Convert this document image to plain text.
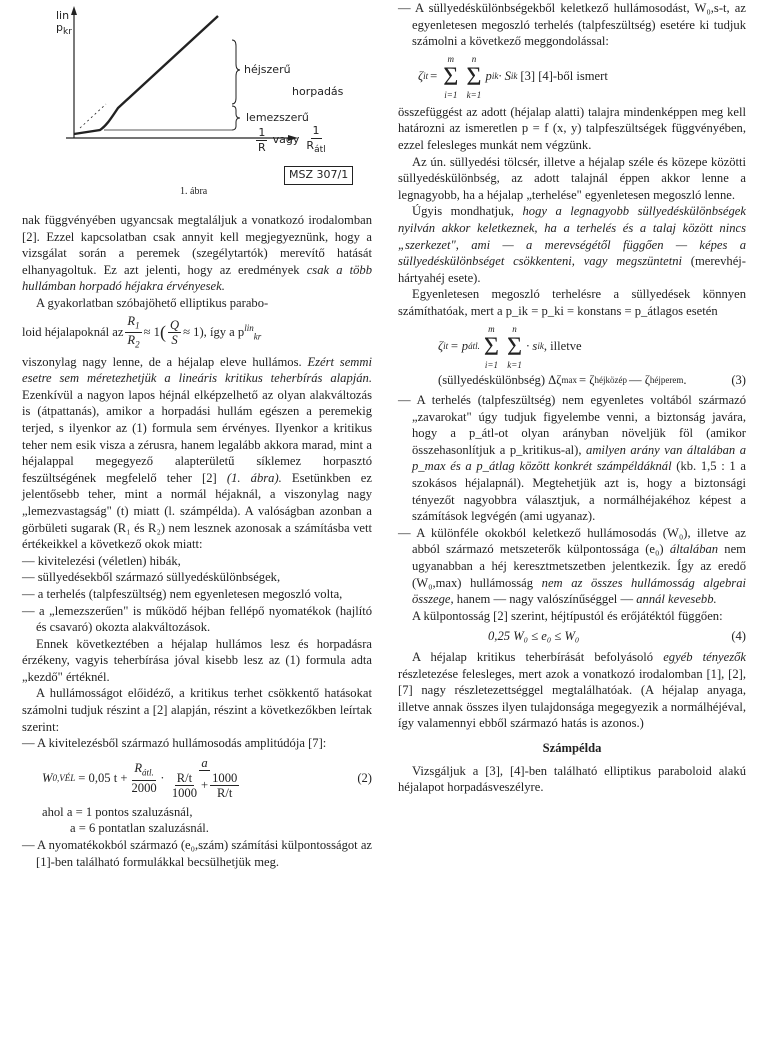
lin
$p_{kr}$
héjszerű
horpadás
lemezszerű
$\frac{1}{R}$ vagy $\frac{1}{R_{átl}}$
MSZ 307/1
1. ábra

nak függvényében ugyancsak megtaláljuk a vonatkozó irodalomban [2]. Ezzel kapcsolatban csak annyit kell megjegyeznünk, hogy a vizsgálat során a peremek (szegélytartók) merevítő hatását elhanyagoltuk. Ez azt jelenti, hogy az eredmények csak a több hullámban horpadó héjakra érvényesek.

A gyakorlatban szóbajöhető elliptikus parabo-

loid héjalapoknál az $\frac{R_1}{R_2} \approx 1$ ( $\frac{Q}{S} \approx 1$), így a p $^{lin}_{kr}$

viszonylag nagy lenne, de a héjalap eleve hullámos. Ezért semmi esetre sem méretezhetjük a lineáris kritikus teherbírás alapján. Ezenkívül a nagyon lapos héjnál elképzelhető az olyan alakváltozás is (átpattanás), amikor a horpadási hullám egészen a peremekig terjed, s ilyenkor az (1) formula sem érvényes. Ilyenkor a kritikus teher nem esik visza a zérusra, hanem legalább akkora marad, mint a héjalappal megegyező alapterületű síklemez horpasztó feszültségének megfelelő teher [2] (1. ábra). Esetünkben ez jelentősebb teher, mint a normál héjaknál, a viszonylag nagy „lemezvastagság" (t) miatt (l. számpélda). A valóságban azonban a görbületi sugarak (R₁ és R₂) nem lesznek azonosak a számításba vett értékeikkel a következő okok miatt:

— kivitelezési (véletlen) hibák,

— süllyedésekből származó süllyedéskülönbségek,

— a terhelés (talpfeszültség) nem egyenletesen megoszló volta,

— a „lemezszerűen" is működő héjban fellépő nyomatékok (hajlító és csavaró) okozta alakváltozások.

Ennek következtében a héjalap hullámos lesz és horpadásra érzékeny, vagyis teherbírása jóval kisebb lesz az (1) formula adta „kezdő" értéknél.

A hullámosságot előidéző, a kritikus terhet csökkentő hatásokat számolni tudjuk részint a [2] alapján, részint a következőkben leírtak szerint:

— A kivitelezésből származó hullámosodás amplitúdója [7]:

W 0,VÉL = 0,05 $t + \frac{R_{átl.}}{2000} \cdot \frac{a}{\frac{R/t}{1000} + \frac{1000}{R/t}}$	(2)

ahol a = 1 pontos szaluzásnál,

a = 6 pontatlan szaluzásnál.

— A nyomatékokból származó (e₀,szám) számítási külpontosságot az [1]-ben található formulákkal becsülhetjük meg.

— A süllyedéskülönbségekből keletkező hullámosodást, W₀,s-t, az egyenletesen megoszló terhelés (talpfeszültség) esetére ki tudjuk számolni a következő meggondolással:

ζ it =
m
Σ
i=1
n
Σ
k=1
p ik · S ik [3] [4]-ből ismert

összefüggést az adott (héjalap alatti) talajra mindenképpen meg kell határozni az ismeretlen p = f (x, y) talpfeszültségek függvényében, ezzel felesleges munkát nem végzünk.

Az ún. süllyedési tölcsér, illetve a héjalap széle és közepe közötti süllyedéskülönbség, az adott talajnál éppen akkor lenne a legnagyobb, ha a héjalap „terhelése" egyenletesen megoszló lenne.

Úgyis mondhatjuk, hogy a legnagyobb süllyedéskülönbségek nyilván akkor keletkeznek, ha a terhelés és a talaj között nincs „szerkezet", ami — a merevségétől függően — képes a süllyedéskülönbséget csökkenteni, vagy megszüntetni (merevhéj-hártyahéj esete).

Egyenletesen megoszló terhelésre a süllyedések könnyen számíthatóak, mert a p_ik = p_ki = konstans = p_átlagos esetén

ζ it = p átl.
m
Σ
i=1
n
Σ
k=1
· s ik , illetve
(süllyedéskülönbség) Δζ max = ζ héjközép — ζ héjperem .	(3)

— A terhelés (talpfeszültség) nem egyenletes voltából származó „zavarokat" úgy tudjuk figyelembe venni, a biztonság javára, hogy a p_átl-ot olyan arányban növeljük föl (amikor összehasonlítjuk a p_kritikus-al), amilyen arány van általában a p_max és a p_átlag között konkrét számpéldáknál (kb. 1,5 : 1 a szokásos héjalapnál). Megtehetjük azt is, hogy a biztonsági tényezőt nagyobbra választjuk, a normálhéjakéhoz képest a számítások legvégén (ami ugyanaz).

— A különféle okokból keletkező hullámosodás (W₀), illetve az abból származó metszeterők külpontossága (e₀) általában nem ugyanabban a héj keresztmetszetben jelentkezik. Így az eredő (W₀,max) hullámosság nem az összes hullámosság algebrai összege, hanem — nagy valószínűséggel — annál kevesebb.

A külpontosság [2] szerint, héjtípustól és erőjátéktól függően:

0,25 W₀ ≤ e₀ ≤ W₀	(4)

A héjalap kritikus teherbírását befolyásoló egyéb tényezők részletezése felesleges, mert azok a vonatkozó irodalomban [1], [2], [7] nagy részletezettséggel megtalálhatóak. (A héjalap anyaga, illetve annak összes ilyen tulajdonsága megegyezik a normálhéjéval, így valamennyi ebből származó hatás is azonos.)

Számpélda

Vizsgáljuk a [3], [4]-ben található elliptikus paraboloid alakú héjalapot horpadásveszélyre.
